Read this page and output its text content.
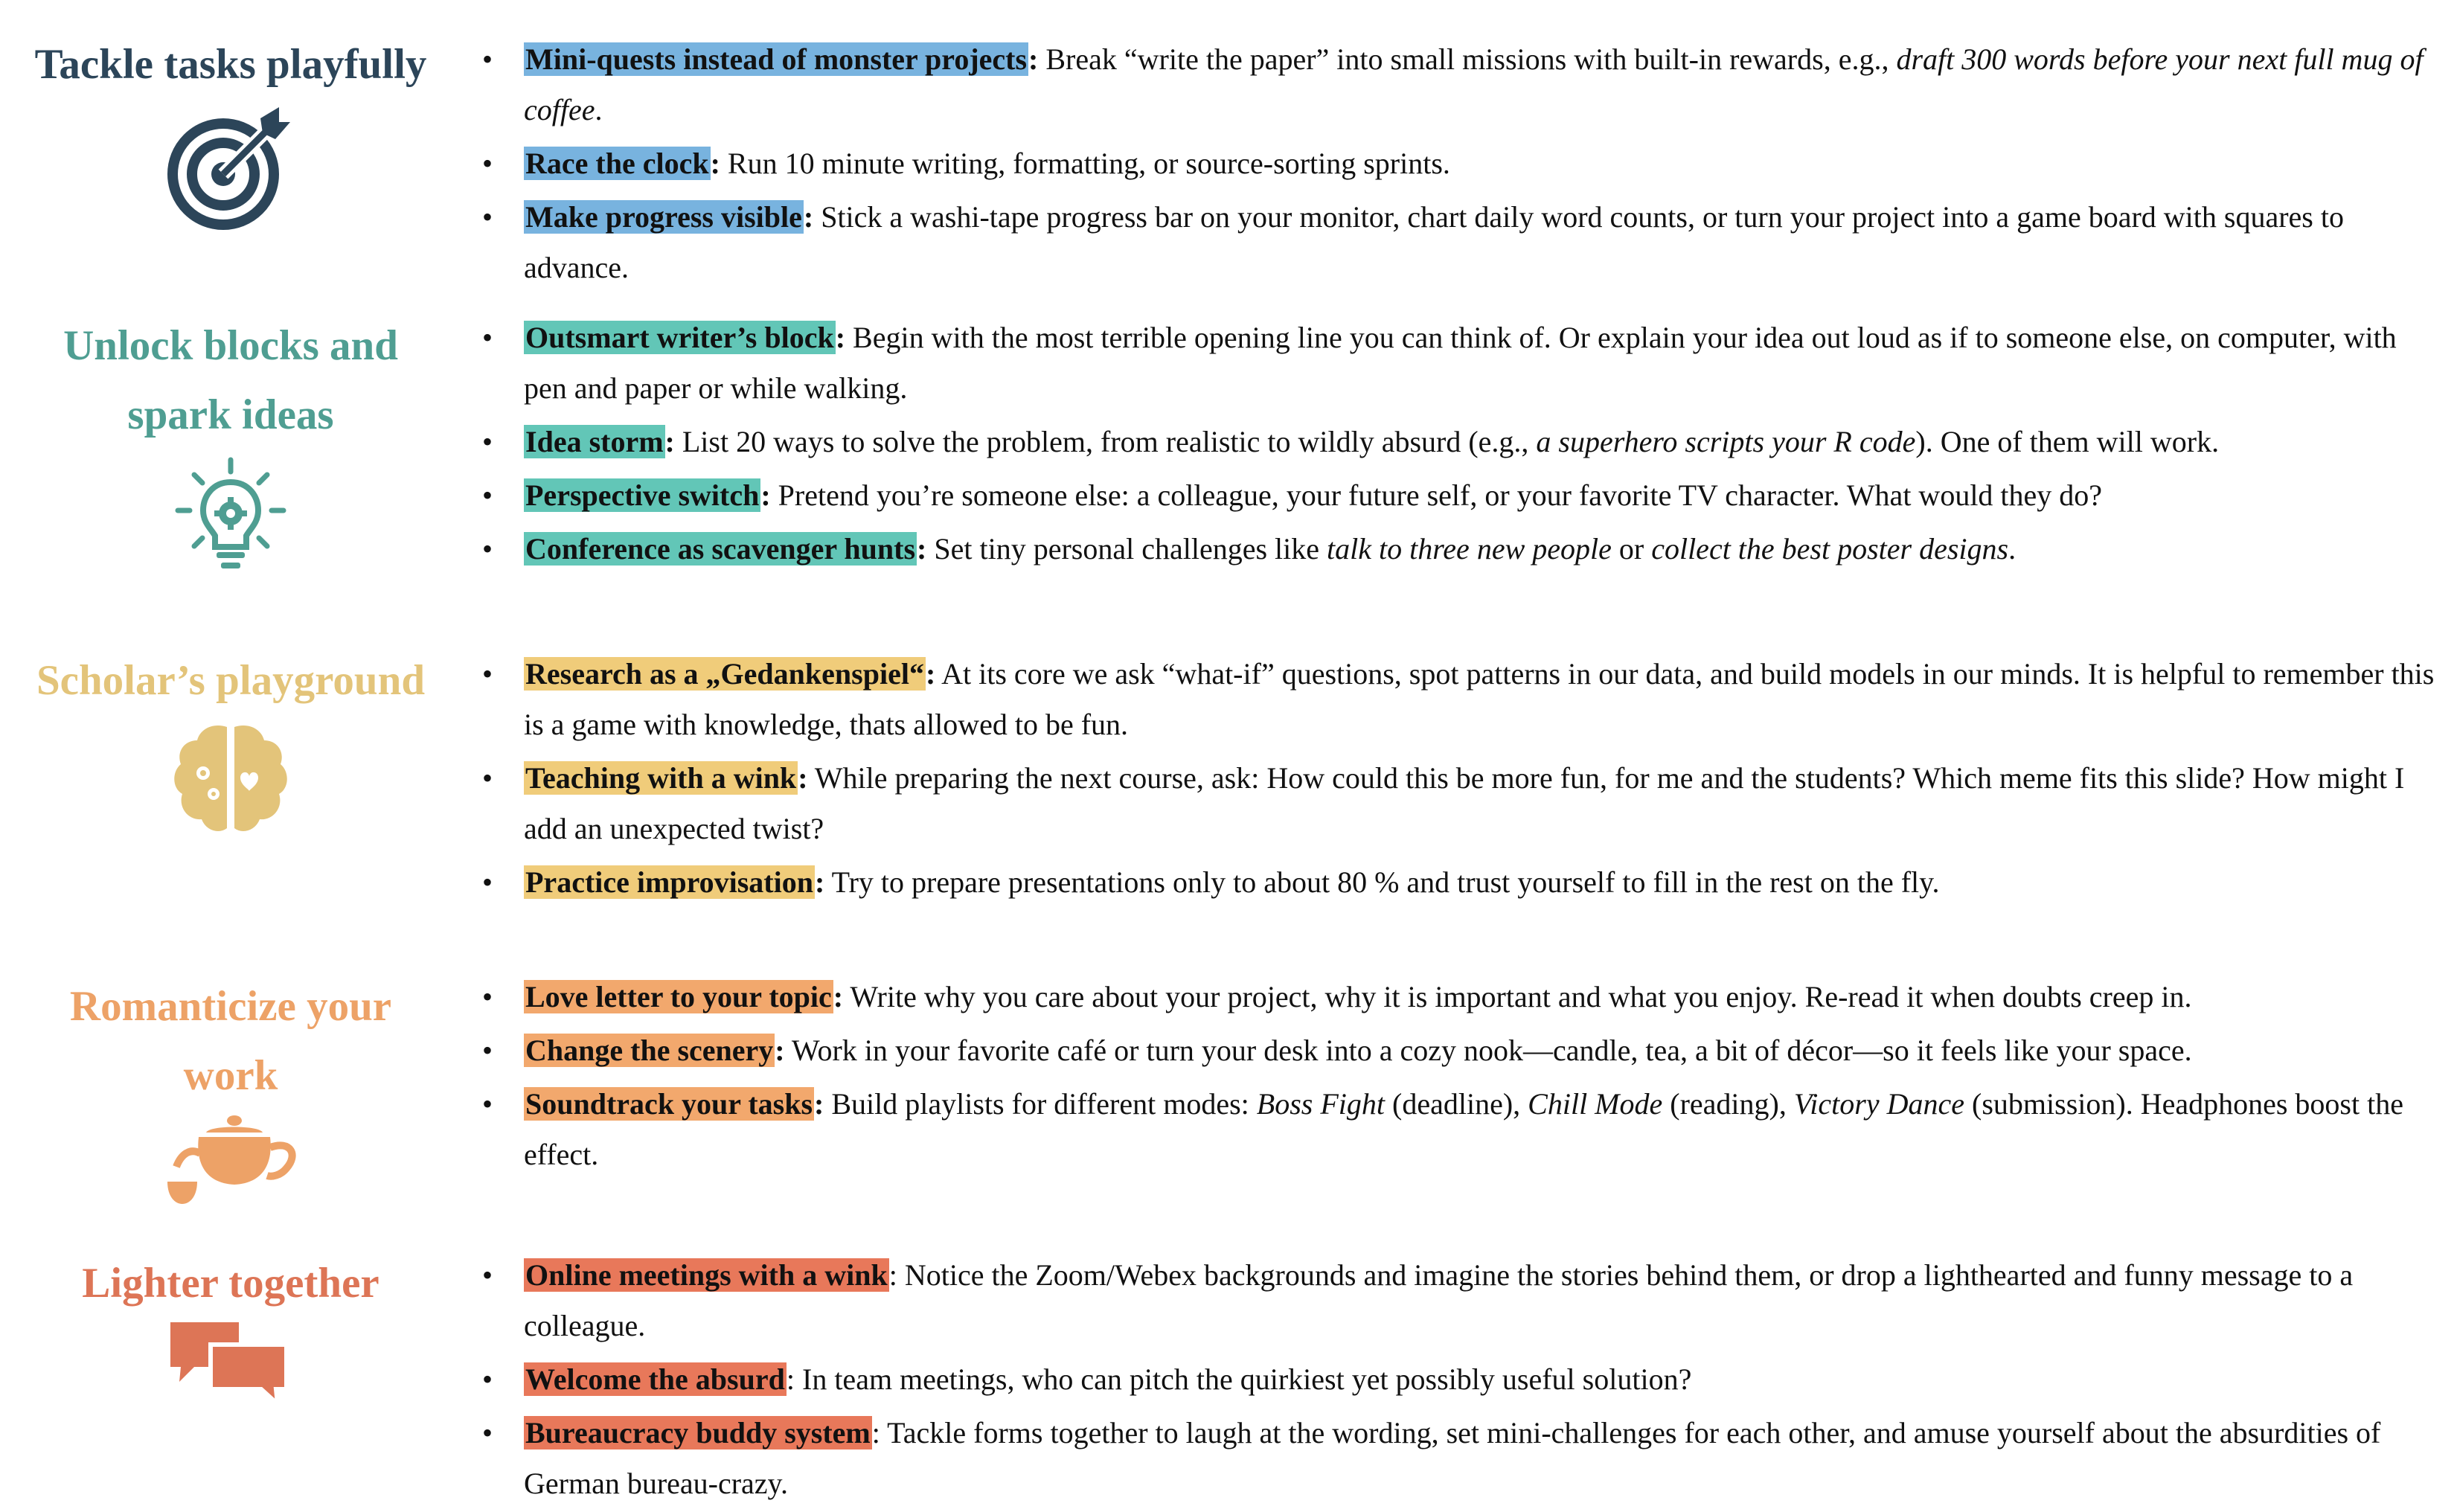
Tackle tasks playfully	• Mini-quests instead of monster projects: Break “write the paper” into small missions with built-in rewards, e.g., draft 300 words before your next full mug of coffee.
• Race the clock: Run 10 minute writing, formatting, or source-sorting sprints.
• Make progress visible: Stick a washi-tape progress bar on your monitor, chart daily word counts, or turn your project into a game board with squares to advance.
Unlock blocks and
spark ideas
• Outsmart writer’s block: Begin with the most terrible opening line you can think of. Or explain your idea out loud as if to someone else, on computer, with pen and paper or while walking.
• Idea storm: List 20 ways to solve the problem, from realistic to wildly absurd (e.g., a superhero scripts your R code). One of them will work.
• Perspective switch: Pretend you’re someone else: a colleague, your future self, or your favorite TV character. What would they do?
• Conference as scavenger hunts: Set tiny personal challenges like talk to three new people or collect the best poster designs.
Scholar’s playground	• Research as a „Gedankenspiel“: At its core we ask “what-if” questions, spot patterns in our data, and build models in our minds. It is helpful to remember this is a game with knowledge, thats allowed to be fun.
• Teaching with a wink: While preparing the next course, ask: How could this be more fun, for me and the students? Which meme fits this slide? How might I add an unexpected twist?
• Practice improvisation: Try to prepare presentations only to about 80 % and trust yourself to fill in the rest on the fly.
Romanticize your
work
• Love letter to your topic: Write why you care about your project, why it is important and what you enjoy. Re-read it when doubts creep in.
• Change the scenery: Work in your favorite café or turn your desk into a cozy nook—candle, tea, a bit of décor—so it feels like your space.
• Soundtrack your tasks: Build playlists for different modes: Boss Fight (deadline), Chill Mode (reading), Victory Dance (submission). Headphones boost the effect.
Lighter together	• Online meetings with a wink: Notice the Zoom/Webex backgrounds and imagine the stories behind them, or drop a lighthearted and funny message to a colleague.
• Welcome the absurd: In team meetings, who can pitch the quirkiest yet possibly useful solution?
• Bureaucracy buddy system: Tackle forms together to laugh at the wording, set mini-challenges for each other, and amuse yourself about the absurdities of German bureau-crazy.
